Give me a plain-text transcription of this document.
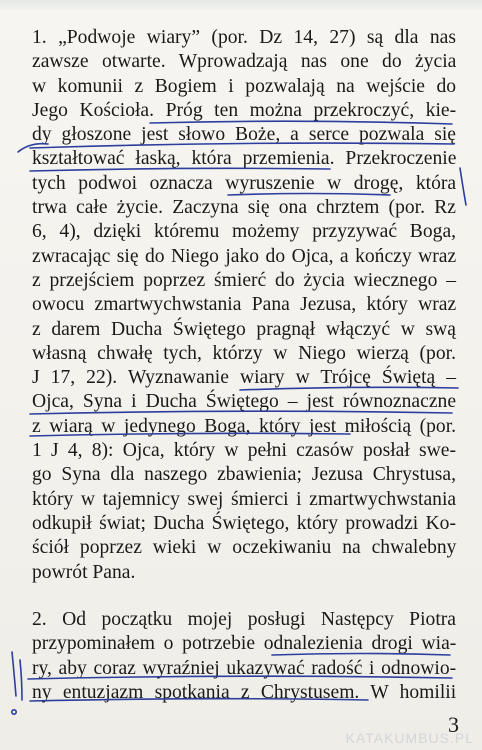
1. „Podwoje wiary” (por. Dz 14, 27) są dla nas
zawsze otwarte. Wprowadzają nas one do życia
w komunii z Bogiem i pozwalają na wejście do
Jego Kościoła. Próg ten można przekroczyć, kie-
dy głoszone jest słowo Boże, a serce pozwala się
kształtować łaską, która przemienia. Przekroczenie
tych podwoi oznacza wyruszenie w drogę, która
trwa całe życie. Zaczyna się ona chrztem (por. Rz
6, 4), dzięki któremu możemy przyzywać Boga,
zwracając się do Niego jako do Ojca, a kończy wraz
z przejściem poprzez śmierć do życia wiecznego –
owocu zmartwychwstania Pana Jezusa, który wraz
z darem Ducha Świętego pragnął włączyć w swą
własną chwałę tych, którzy w Niego wierzą (por.
J 17, 22). Wyznawanie wiary w Trójcę Świętą –
Ojca, Syna i Ducha Świętego – jest równoznaczne
z wiarą w jedynego Boga, który jest miłością (por.
1 J 4, 8): Ojca, który w pełni czasów posłał swe-
go Syna dla naszego zbawienia; Jezusa Chrystusa,
który w tajemnicy swej śmierci i zmartwychwstania
odkupił świat; Ducha Świętego, który prowadzi Ko-
ściół poprzez wieki w oczekiwaniu na chwalebny
powrót Pana.
2. Od początku mojej posługi Następcy Piotra
przypominałem o potrzebie odnalezienia drogi wia-
ry, aby coraz wyraźniej ukazywać radość i odnowio-
ny entuzjazm spotkania z Chrystusem. W homilii
3
KATAKUMBUS.PL
